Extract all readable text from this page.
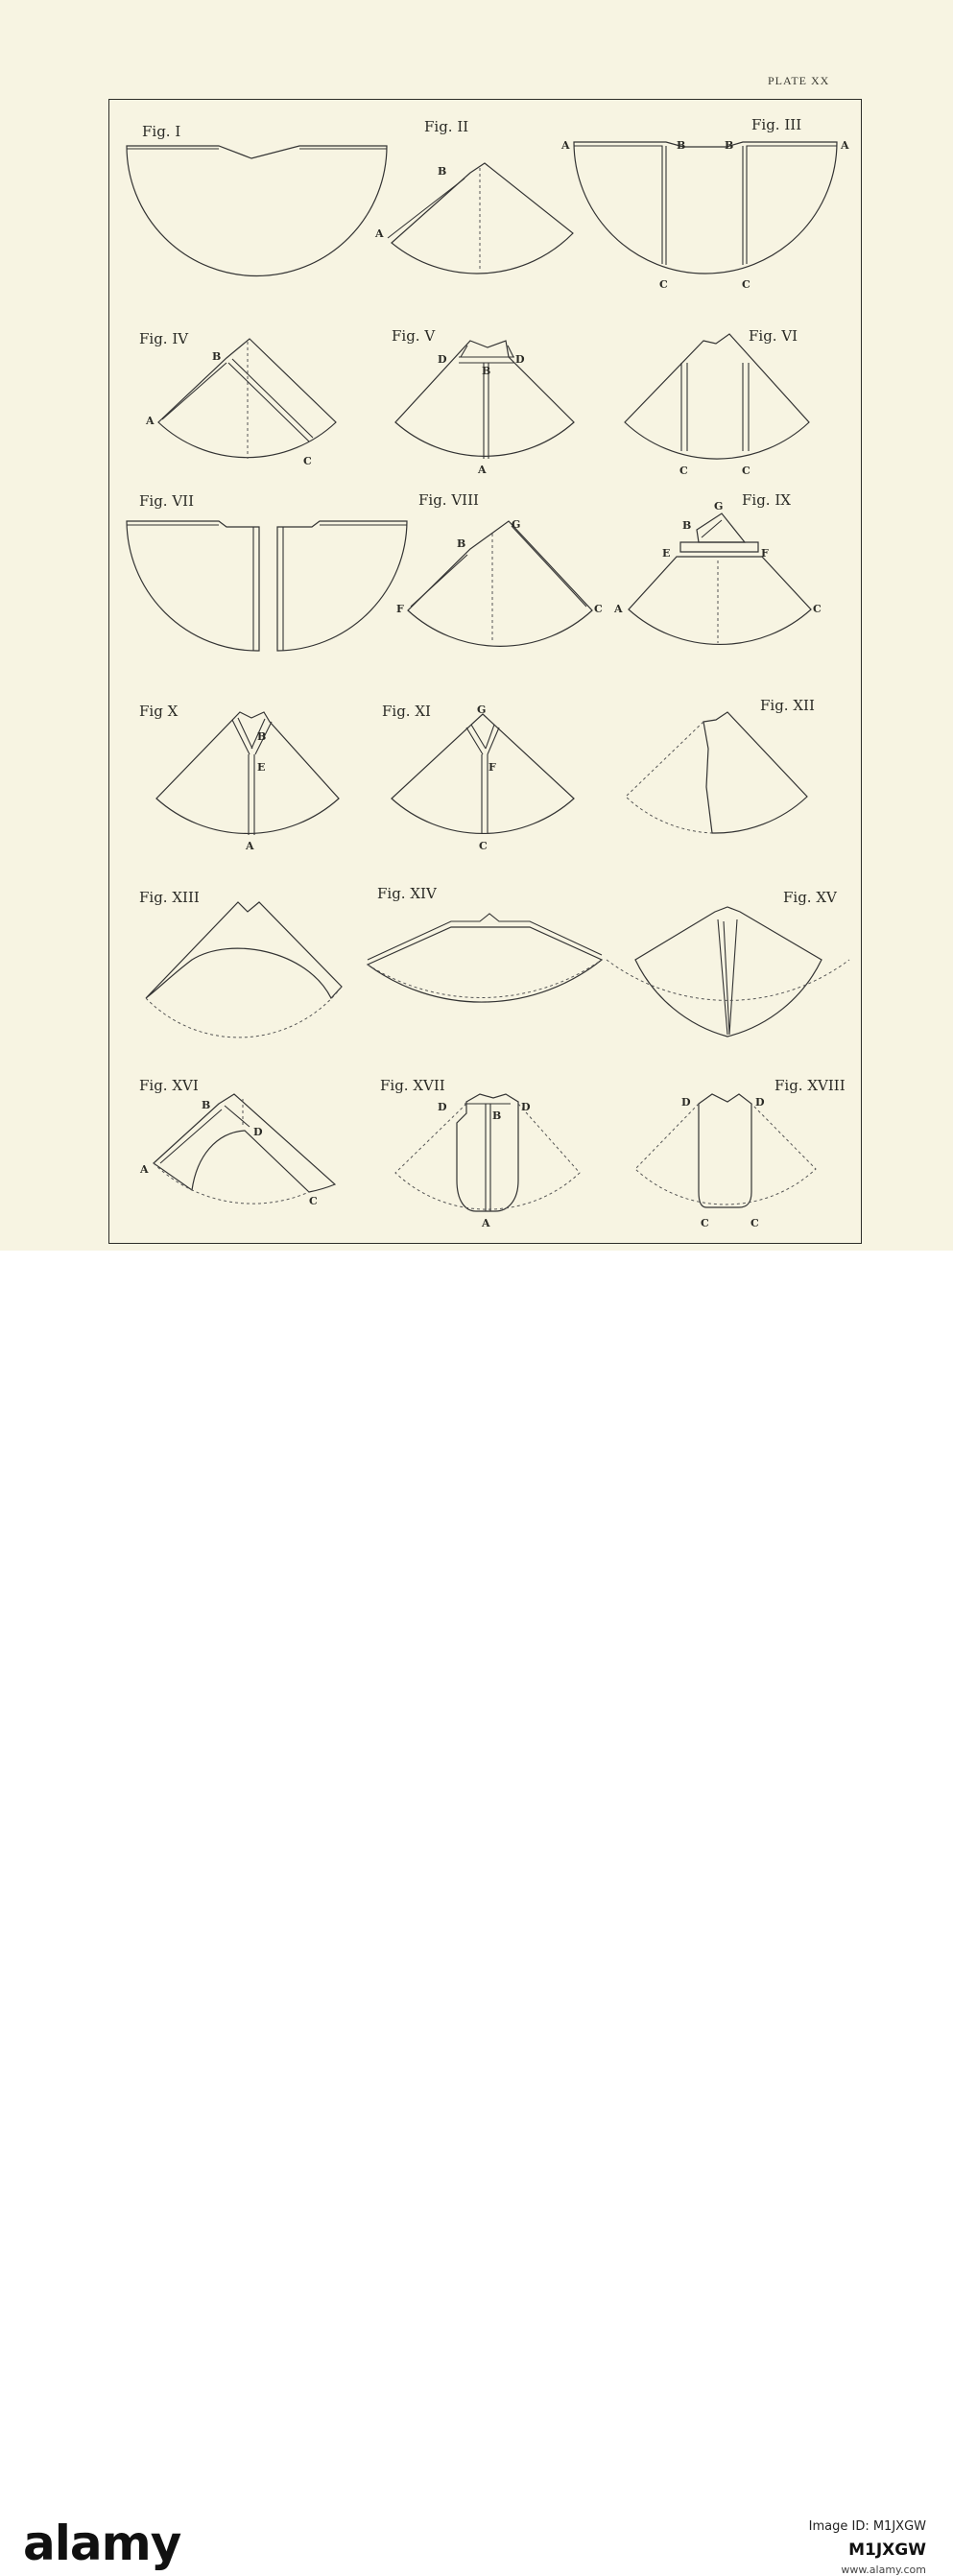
PLATE XX
Fig. I	Fig. II
B
A
Fig. III
A	B	B	A
C	C
Fig. IV
B
A
C
Fig. V
D	D
B
A
Fig. VI
C	C
Fig. VII	Fig. VIII
G
B
F	C
Fig. IX
G
B
E	F
A	C
Fig X
B
E
A
Fig. XI	G
F
C
Fig. XII
Fig. XIII	Fig. XIV	Fig. XV
Fig. XVI
B
D
A
C
Fig. XVII
D
B
D
A
Fig. XVIII
D	D
C	C
alamy	Image ID: M1JXGW
M1JXGW
www.alamy.com
